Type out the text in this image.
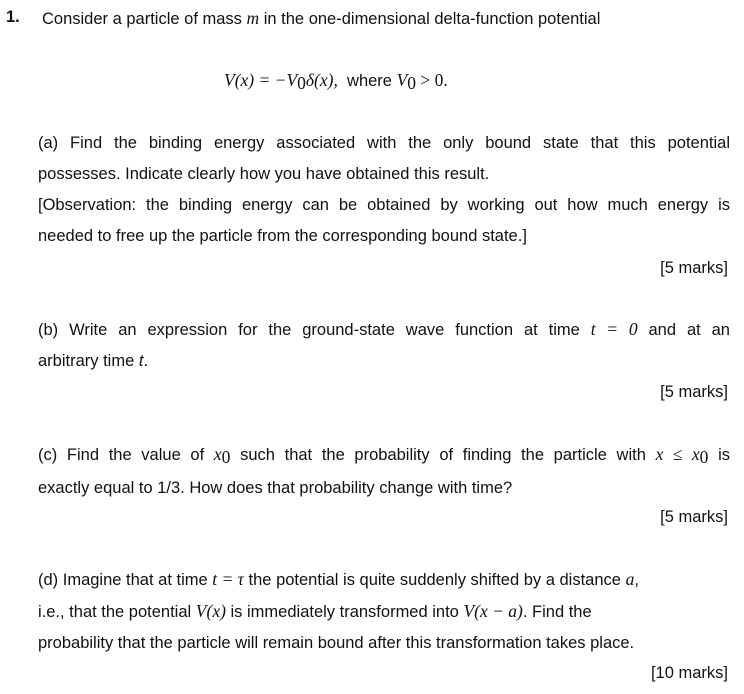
1. Consider a particle of mass m in the one-dimensional delta-function potential
$V(x) = -V_0\delta(x)$, where $V_0 > 0$.
(a) Find the binding energy associated with the only bound state that this potential
possesses. Indicate clearly how you have obtained this result.
[Observation: the binding energy can be obtained by working out how much energy is
needed to free up the particle from the corresponding bound state.]
[5 marks]
(b) Write an expression for the ground-state wave function at time t = 0 and at an
arbitrary time t.
[5 marks]
(c) Find the value of $x_0$ such that the probability of finding the particle with $x \le x_0$ is
exactly equal to 1/3. How does that probability change with time?
[5 marks]
(d) Imagine that at time t = τ the potential is quite suddenly shifted by a distance a,
i.e., that the potential V(x) is immediately transformed into V(x − a). Find the
probability that the particle will remain bound after this transformation takes place.
[10 marks]
